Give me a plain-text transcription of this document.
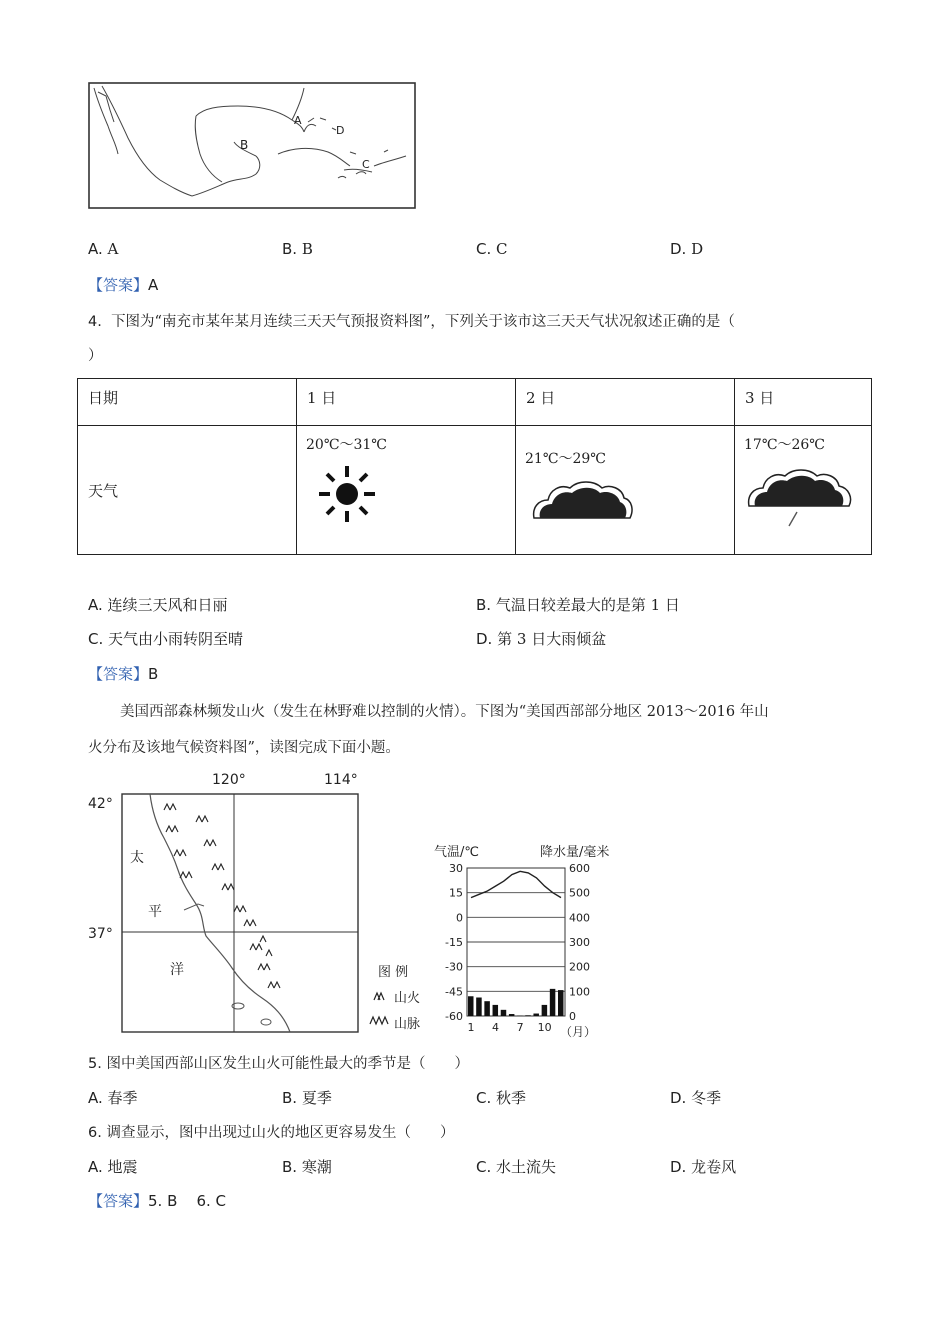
A
B
C
D
A. A	B. B	C. C	D. D
【答案】A
4. 下图为“南充市某年某月连续三天天气预报资料图”，下列关于该市这三天天气状况叙述正确的是（
）
日期	1 日	2 日	3 日
天气	20℃～31℃	21℃～29℃	17℃～26℃
A. 连续三天风和日丽	B. 气温日较差最大的是第 1 日
C. 天气由小雨转阴至晴	D. 第 3 日大雨倾盆
【答案】B
美国西部森林频发山火（发生在林野难以控制的火情）。下图为“美国西部部分地区 2013～2016 年山
火分布及该地气候资料图”，读图完成下面小题。
120°	114°
42°
37°
太
平
洋	图 例
山火
山脉
气温/℃	降水量/毫米
30
15
0
-15
-30
-45
-60
600
500
400
300
200
100
0
1 4 7 10 （月）
5. 图中美国西部山区发生山火可能性最大的季节是（　　）
A. 春季	B. 夏季	C. 秋季	D. 冬季
6. 调查显示，图中出现过山火的地区更容易发生（　　）
A. 地震	B. 寒潮	C. 水土流失	D. 龙卷风
【答案】5. B    6. C
